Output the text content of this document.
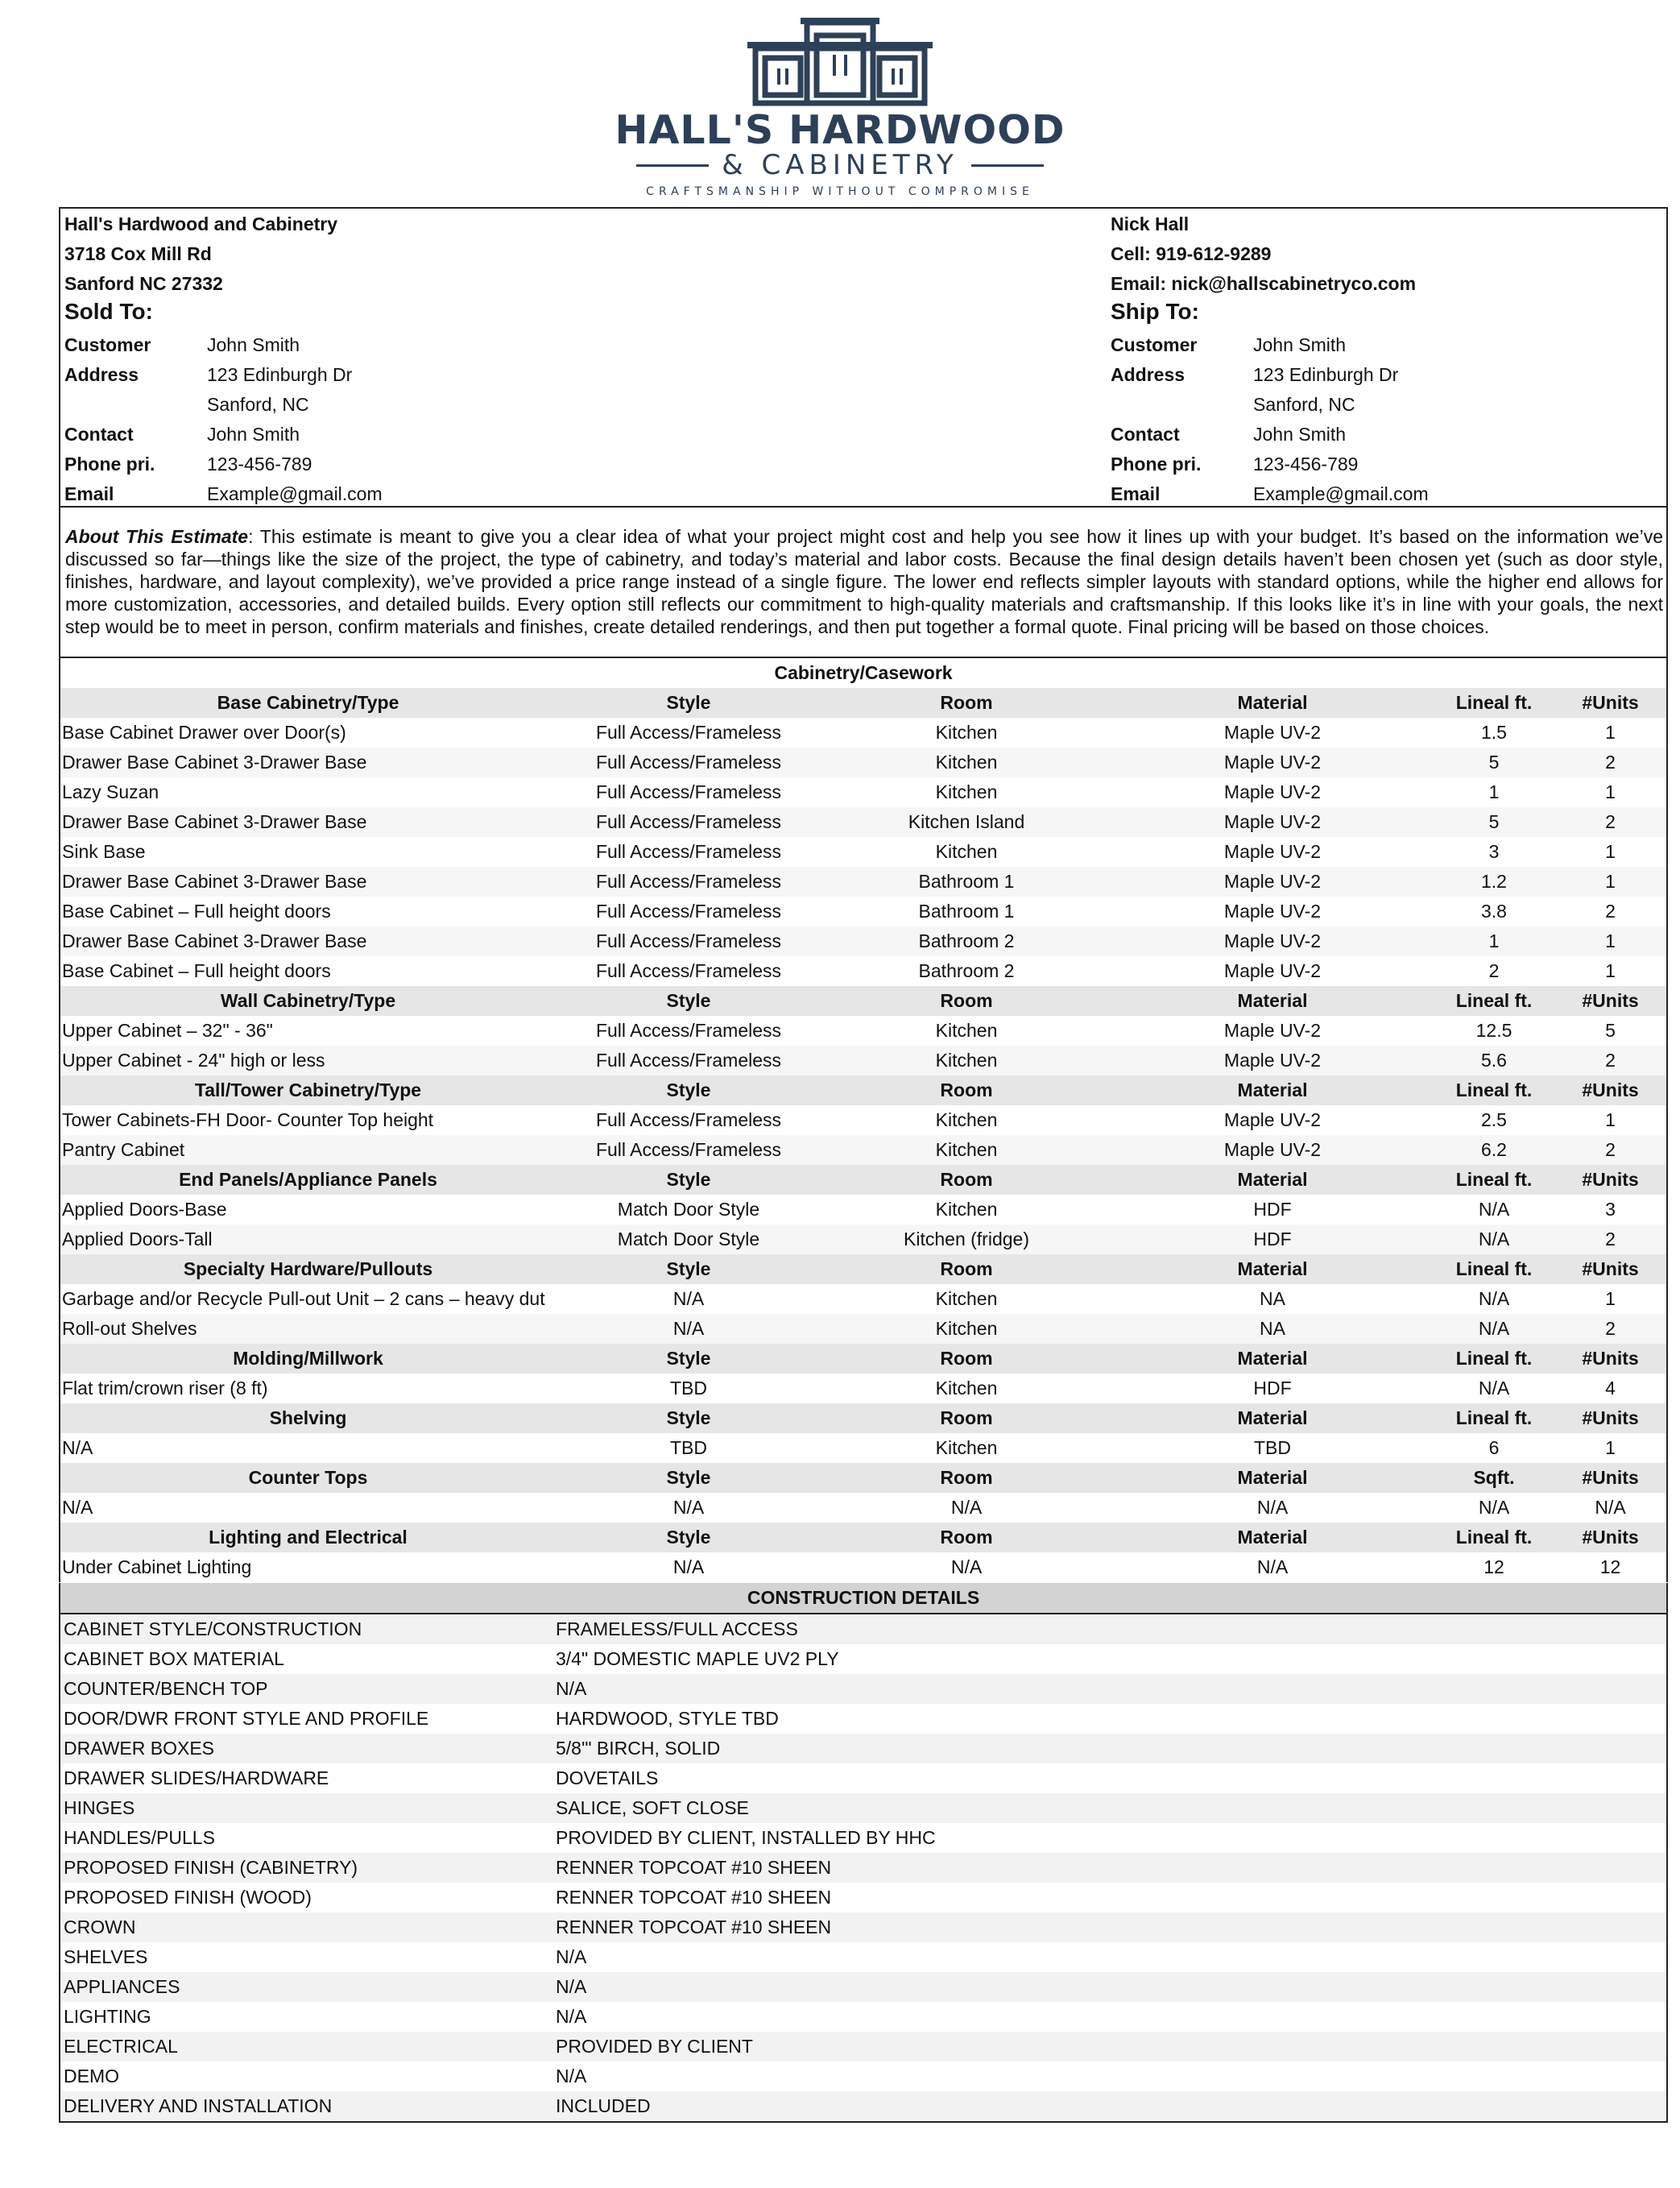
HALL'S HARDWOOD
& CABINETRY
CRAFTSMANSHIP WITHOUT COMPROMISE
Hall's Hardwood and Cabinetry
3718 Cox Mill Rd
Sanford NC 27332
Sold To:
Customer	John Smith
Address	123 Edinburgh Dr
Sanford, NC
Contact	John Smith
Phone pri.	123-456-789
Email	Example@gmail.com
Nick Hall
Cell: 919-612-9289
Email: nick@hallscabinetryco.com
Ship To:
Customer	John Smith
Address	123 Edinburgh Dr
Sanford, NC
Contact	John Smith
Phone pri.	123-456-789
Email	Example@gmail.com
About This Estimate: This estimate is meant to give you a clear idea of what your project might cost and help you see how it lines up with your budget. It’s based on the information we’ve discussed so far—things like the size of the project, the type of cabinetry, and today’s material and labor costs. Because the final design details haven’t been chosen yet (such as door style, finishes, hardware, and layout complexity), we’ve provided a price range instead of a single figure. The lower end reflects simpler layouts with standard options, while the higher end allows for more customization, accessories, and detailed builds. Every option still reflects our commitment to high-quality materials and craftsmanship. If this looks like it’s in line with your goals, the next step would be to meet in person, confirm materials and finishes, create detailed renderings, and then put together a formal quote. Final pricing will be based on those choices.
Cabinetry/Casework					
Base Cabinetry/Type	Style	Room	Material	Lineal ft.	#Units
Base Cabinet Drawer over Door(s)	Full Access/Frameless	Kitchen	Maple UV-2	1.5	1
Drawer Base Cabinet 3-Drawer Base	Full Access/Frameless	Kitchen	Maple UV-2	5	2
Lazy Suzan	Full Access/Frameless	Kitchen	Maple UV-2	1	1
Drawer Base Cabinet 3-Drawer Base	Full Access/Frameless	Kitchen Island	Maple UV-2	5	2
Sink Base	Full Access/Frameless	Kitchen	Maple UV-2	3	1
Drawer Base Cabinet 3-Drawer Base	Full Access/Frameless	Bathroom 1	Maple UV-2	1.2	1
Base Cabinet – Full height doors	Full Access/Frameless	Bathroom 1	Maple UV-2	3.8	2
Drawer Base Cabinet 3-Drawer Base	Full Access/Frameless	Bathroom 2	Maple UV-2	1	1
Base Cabinet – Full height doors	Full Access/Frameless	Bathroom 2	Maple UV-2	2	1
Wall Cabinetry/Type	Style	Room	Material	Lineal ft.	#Units
Upper Cabinet – 32" - 36"	Full Access/Frameless	Kitchen	Maple UV-2	12.5	5
Upper Cabinet - 24" high or less	Full Access/Frameless	Kitchen	Maple UV-2	5.6	2
Tall/Tower Cabinetry/Type	Style	Room	Material	Lineal ft.	#Units
Tower Cabinets-FH Door- Counter Top height	Full Access/Frameless	Kitchen	Maple UV-2	2.5	1
Pantry Cabinet	Full Access/Frameless	Kitchen	Maple UV-2	6.2	2
End Panels/Appliance Panels	Style	Room	Material	Lineal ft.	#Units
Applied Doors-Base	Match Door Style	Kitchen	HDF	N/A	3
Applied Doors-Tall	Match Door Style	Kitchen (fridge)	HDF	N/A	2
Specialty Hardware/Pullouts	Style	Room	Material	Lineal ft.	#Units
Garbage and/or Recycle Pull-out Unit – 2 cans – heavy dut	N/A	Kitchen	NA	N/A	1
Roll-out Shelves	N/A	Kitchen	NA	N/A	2
Molding/Millwork	Style	Room	Material	Lineal ft.	#Units
Flat trim/crown riser (8 ft)	TBD	Kitchen	HDF	N/A	4
Shelving	Style	Room	Material	Lineal ft.	#Units
N/A	TBD	Kitchen	TBD	6	1
Counter Tops	Style	Room	Material	Sqft.	#Units
N/A	N/A	N/A	N/A	N/A	N/A
Lighting and Electrical	Style	Room	Material	Lineal ft.	#Units
Under Cabinet Lighting	N/A	N/A	N/A	12	12
CONSTRUCTION DETAILS
CABINET STYLE/CONSTRUCTION	FRAMELESS/FULL ACCESS
CABINET BOX MATERIAL	3/4" DOMESTIC MAPLE UV2 PLY
COUNTER/BENCH TOP	N/A
DOOR/DWR FRONT STYLE AND PROFILE	HARDWOOD, STYLE TBD
DRAWER BOXES	5/8'" BIRCH, SOLID
DRAWER SLIDES/HARDWARE	DOVETAILS
HINGES	SALICE, SOFT CLOSE
HANDLES/PULLS	PROVIDED BY CLIENT, INSTALLED BY HHC
PROPOSED FINISH (CABINETRY)	RENNER TOPCOAT #10 SHEEN
PROPOSED FINISH (WOOD)	RENNER TOPCOAT #10 SHEEN
CROWN	RENNER TOPCOAT #10 SHEEN
SHELVES	N/A
APPLIANCES	N/A
LIGHTING	N/A
ELECTRICAL	PROVIDED BY CLIENT
DEMO	N/A
DELIVERY AND INSTALLATION	INCLUDED
